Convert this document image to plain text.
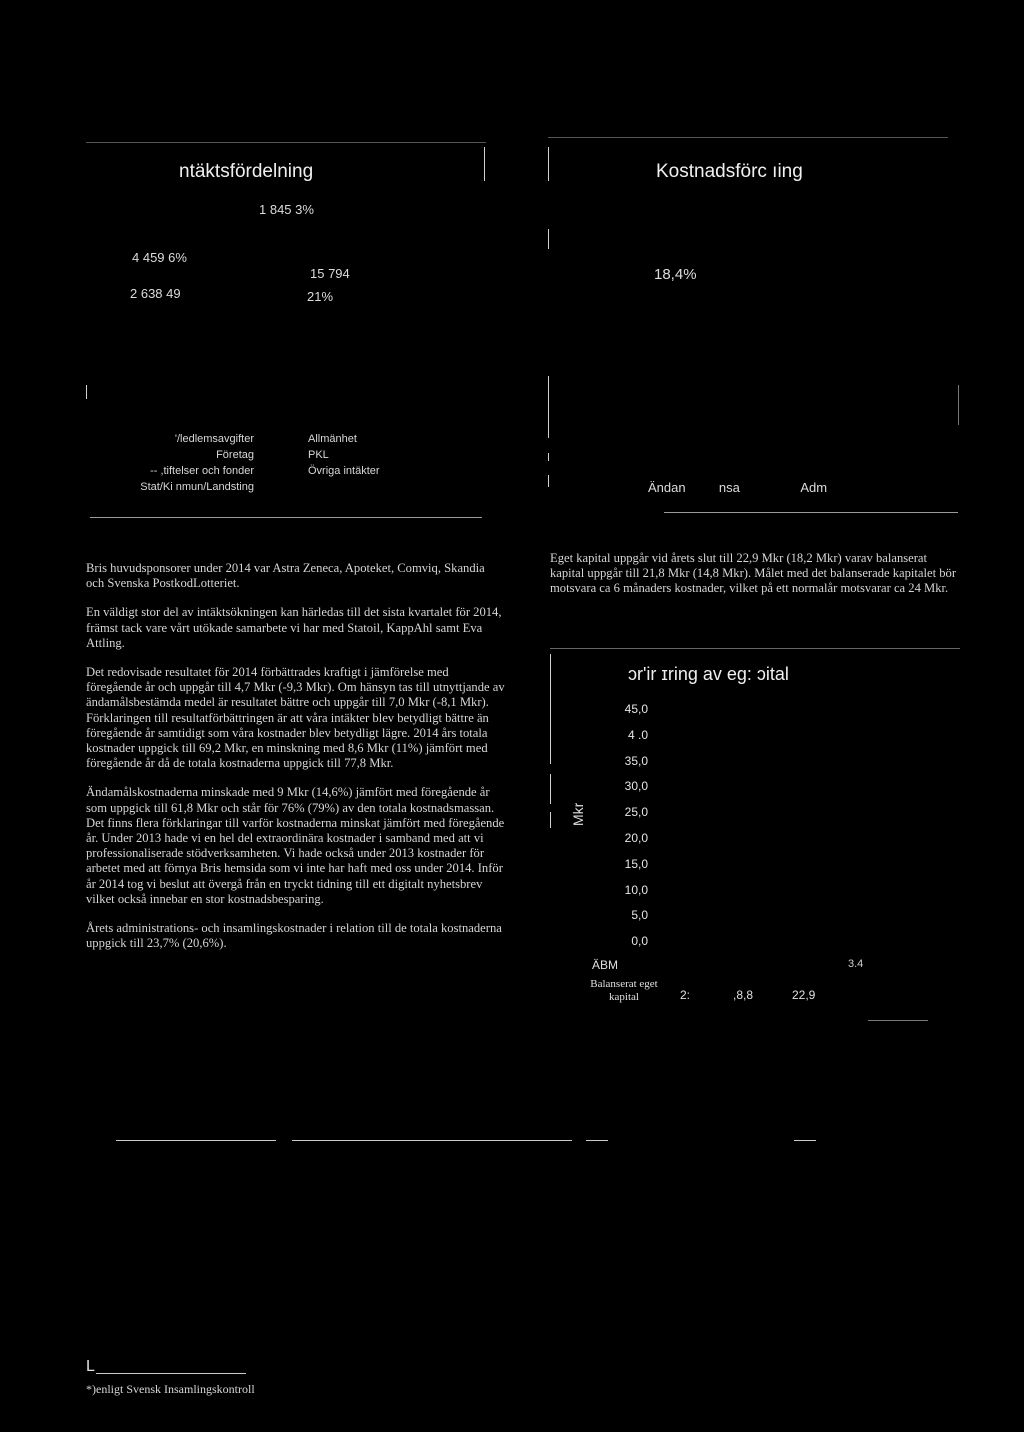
ntäktsfördelning
1 845 3%
4 459 6%
2 638 49
15 794
21%
'/ledlemsavgifter
Företag
-- ,tiftelser och fonder
Stat/Ki nmun/Landsting
Allmänhet
PKL
Övriga intäkter
Kostnadsförc ıing
18,4%
Ändan	nsa	Adm

Bris huvudsponsorer under 2014 var Astra Zeneca, Apoteket, Comviq, Skandia och Svenska PostkodLotteriet.

En väldigt stor del av intäktsökningen kan härledas till det sista kvartalet för 2014, främst tack vare vårt utökade samarbete vi har med Statoil, KappAhl samt Eva Attling.

Det redovisade resultatet för 2014 förbättrades kraftigt i jämförelse med föregående år och uppgår till 4,7 Mkr (-9,3 Mkr). Om hänsyn tas till utnyttjande av ändamålsbestämda medel är resultatet bättre och uppgår till 7,0 Mkr (-8,1 Mkr). Förklaringen till resultatförbättringen är att våra intäkter blev betydligt bättre än föregående år samtidigt som våra kostnader blev betydligt lägre. 2014 års totala kostnader uppgick till 69,2 Mkr, en minskning med 8,6 Mkr (11%) jämfört med föregående år då de totala kostnaderna uppgick till 77,8 Mkr.

Ändamålskostnaderna minskade med 9 Mkr (14,6%) jämfört med föregående år som uppgick till 61,8 Mkr och står för 76% (79%) av den totala kostnadsmassan. Det finns flera förklaringar till varför kostnaderna minskat jämfört med föregående år. Under 2013 hade vi en hel del extraordinära kostnader i samband med att vi professionaliserade stödverksamheten. Vi hade också under 2013 kostnader för arbetet med att förnya Bris hemsida som vi inte har haft med oss under 2014. Inför år 2014 tog vi beslut att övergå från en tryckt tidning till ett digitalt nyhetsbrev vilket också innebar en stor kostnadsbesparing.

Årets administrations- och insamlingskostnader i relation till de totala kostnaderna uppgick till 23,7% (20,6%).

Eget kapital uppgår vid årets slut till 22,9 Mkr (18,2 Mkr) varav balanserat kapital uppgår till 21,8 Mkr (14,8 Mkr). Målet med det balanserade kapitalet bör motsvara ca 6 månaders kostnader, vilket på ett normalår motsvarar ca 24 Mkr.

ɔr'ir ɪring av eg: ɔital
Mkr
45,0
4 .0
35,0
30,0
25,0
20,0
15,0
10,0
5,0
0,0
ÄBM
Balanserat eget kapital
3.4
2:	,8,8	22,9
L
*)enligt Svensk Insamlingskontroll
